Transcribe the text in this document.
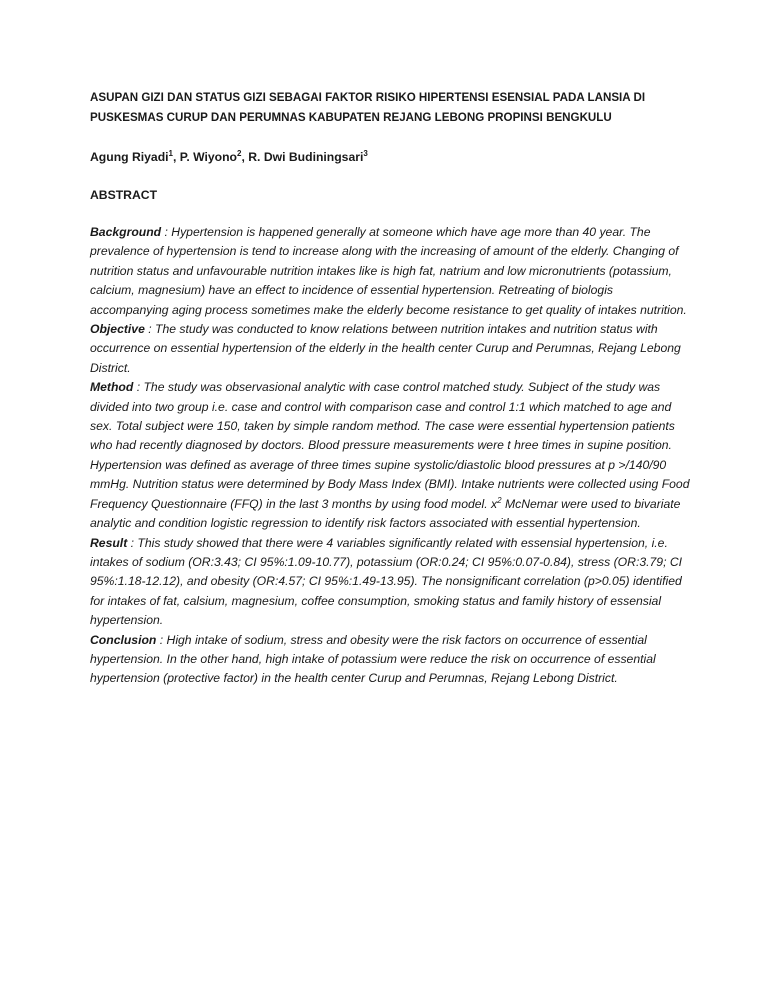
ASUPAN GIZI DAN STATUS GIZI SEBAGAI FAKTOR RISIKO HIPERTENSI ESENSIAL PADA LANSIA DI PUSKESMAS CURUP DAN PERUMNAS KABUPATEN REJANG LEBONG PROPINSI BENGKULU

Agung Riyadi$^1$, P. Wiyono$^2$, R. Dwi Budiningsari$^3$
ABSTRACT

Background : Hypertension is happened generally at someone which have age more than 40 year. The prevalence of hypertension is tend to increase along with the increasing of amount of the elderly. Changing of nutrition status and unfavourable nutrition intakes like is high fat, natrium and low micronutrients (potassium, calcium, magnesium) have an effect to incidence of essential hypertension. Retreating of biologis accompanying aging process sometimes make the elderly become resistance to get quality of intakes nutrition.

Objective : The study was conducted to know relations between nutrition intakes and nutrition status with occurrence on essential hypertension of the elderly in the health center Curup and Perumnas, Rejang Lebong District.

Method : The study was observasional analytic with case control matched study. Subject of the study was divided into two group i.e. case and control with comparison case and control 1:1 which matched to age and sex. Total subject were 150, taken by simple random method. The case were essential hypertension patients who had recently diagnosed by doctors. Blood pressure measurements were t hree times in supine position. Hypertension was defined as average of three times supine systolic/diastolic blood pressures at p >/140/90 mmHg. Nutrition status were determined by Body Mass Index (BMI). Intake nutrients were collected using Food Frequency Questionnaire (FFQ) in the last 3 months by using food model. $x^2$ McNemar were used to bivariate analytic and condition logistic regression to identify risk factors associated with essential hypertension.

Result : This study showed that there were 4 variables significantly related with essensial hypertension, i.e. intakes of sodium (OR:3.43; CI 95%:1.09-10.77), potassium (OR:0.24; CI 95%:0.07-0.84), stress (OR:3.79; CI 95%:1.18-12.12), and obesity (OR:4.57; CI 95%:1.49-13.95). The nonsignificant correlation (p>0.05) identified for intakes of fat, calsium, magnesium, coffee consumption, smoking status and family history of essensial hypertension.

Conclusion : High intake of sodium, stress and obesity were the risk factors on occurrence of essential hypertension. In the other hand, high intake of potassium were reduce the risk on occurrence of essential hypertension (protective factor) in the health center Curup and Perumnas, Rejang Lebong District.
